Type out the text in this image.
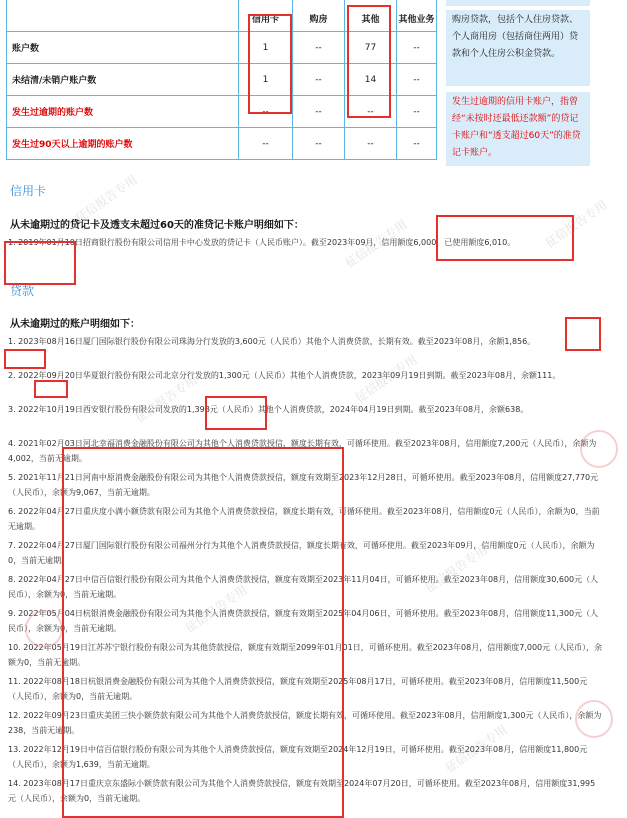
	信用卡	购房	其他	其他业务
账户数	1	--	77	--
未结清/未销户账户数	1	--	14	--
发生过逾期的账户数	--	--	--	--
发生过90天以上逾期的账户数	--	--	--	--
购房贷款，包括个人住房贷款、个人商用房（包括商住两用）贷款和个人住房公积金贷款。
发生过逾期的信用卡账户，指曾经“未按时还最低还款额”的贷记卡账户和“透支超过60天”的准贷记卡账户。
信用卡
从未逾期过的贷记卡及透支未超过60天的准贷记卡账户明细如下：
1. 2019年01月10日招商银行股份有限公司信用卡中心发放的贷记卡（人民币账户）。截至2023年09月，信用额度6,000，已使用额度6,010。
贷款
从未逾期过的账户明细如下：
1. 2023年08月16日厦门国际银行股份有限公司珠海分行发放的3,600元（人民币）其他个人消费贷款，长期有效。截至2023年08月，余额1,856。
2. 2022年09月20日华夏银行股份有限公司北京分行发放的1,300元（人民币）其他个人消费贷款，2023年09月19日到期。截至2023年08月，余额111。
3. 2022年10月19日西安银行股份有限公司发放的1,398元（人民币）其他个人消费贷款，2024年04月19日到期。截至2023年08月，余额638。
4. 2021年02月03日河北幸福消费金融股份有限公司为其他个人消费贷款授信，额度长期有效，可循环使用。截至2023年08月，信用额度7,200元（人民币），余额为4,002，当前无逾期。
5. 2021年11月21日河南中原消费金融股份有限公司为其他个人消费贷款授信，额度有效期至2023年12月28日，可循环使用。截至2023年08月，信用额度27,770元（人民币），余额为9,067，当前无逾期。
6. 2022年04月27日重庆度小满小额贷款有限公司为其他个人消费贷款授信，额度长期有效，可循环使用。截至2023年08月，信用额度0元（人民币），余额为0，当前无逾期。
7. 2022年04月27日厦门国际银行股份有限公司福州分行为其他个人消费贷款授信，额度长期有效，可循环使用。截至2023年09月，信用额度0元（人民币），余额为0，当前无逾期。
8. 2022年04月27日中信百信银行股份有限公司为其他个人消费贷款授信，额度有效期至2023年11月04日，可循环使用。截至2023年08月，信用额度30,600元（人民币），余额为0，当前无逾期。
9. 2022年05月04日杭银消费金融股份有限公司为其他个人消费贷款授信，额度有效期至2025年04月06日，可循环使用。截至2023年08月，信用额度11,300元（人民币），余额为0，当前无逾期。
10. 2022年05月19日江苏苏宁银行股份有限公司为其他贷款授信，额度有效期至2099年01月01日，可循环使用。截至2023年08月，信用额度7,000元（人民币），余额为0，当前无逾期。
11. 2022年08月18日杭银消费金融股份有限公司为其他个人消费贷款授信，额度有效期至2025年08月17日，可循环使用。截至2023年08月，信用额度11,500元（人民币），余额为0，当前无逾期。
12. 2022年09月23日重庆美团三快小额贷款有限公司为其他个人消费贷款授信，额度长期有效，可循环使用。截至2023年08月，信用额度1,300元（人民币），余额为238，当前无逾期。
13. 2022年12月19日中信百信银行股份有限公司为其他个人消费贷款授信，额度有效期至2024年12月19日，可循环使用。截至2023年08月，信用额度11,800元（人民币），余额为1,639，当前无逾期。
14. 2023年08月17日重庆京东盛际小额贷款有限公司为其他个人消费贷款授信，额度有效期至2024年07月20日，可循环使用。截至2023年08月，信用额度31,995元（人民币），余额为0，当前无逾期。
征信报告专用
征信报告专用	征信报告专用
征信报告专用	征信报告专用
征信报告专用
征信报告专用
征信报告专用
